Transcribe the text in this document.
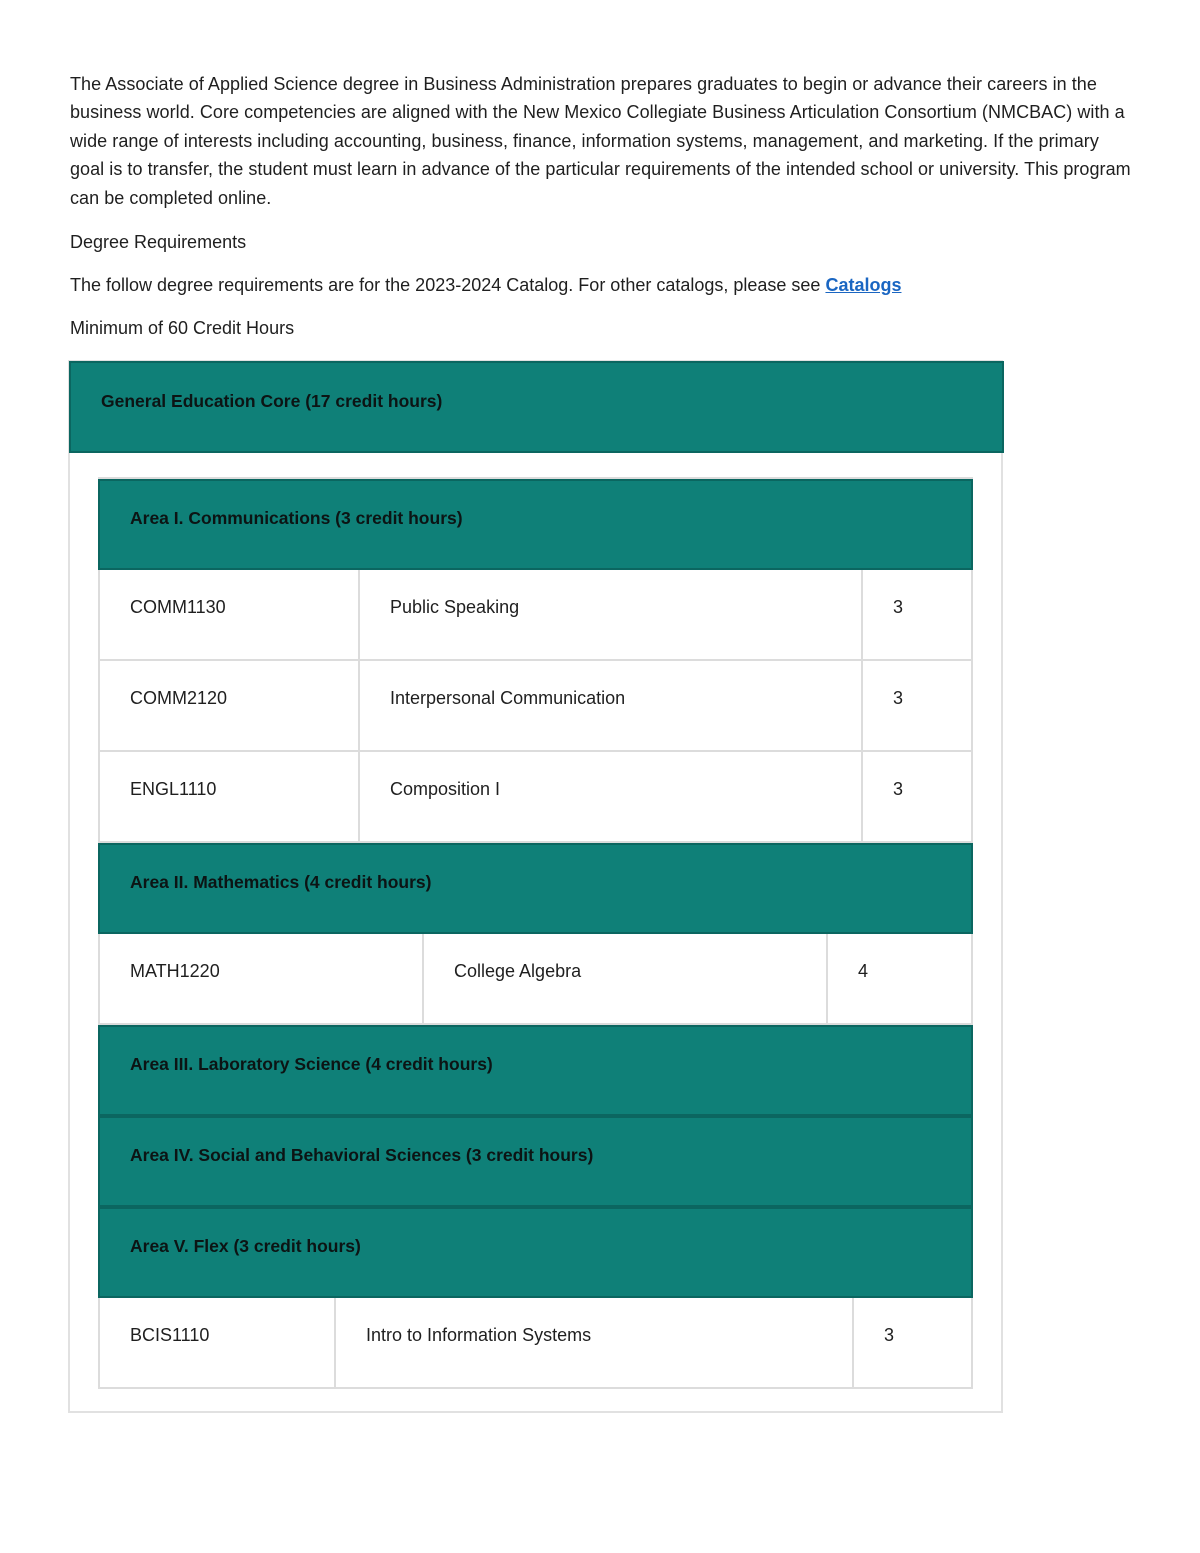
The Associate of Applied Science degree in Business Administration prepares graduates to begin or advance their careers in the business world. Core competencies are aligned with the New Mexico Collegiate Business Articulation Consortium (NMCBAC) with a wide range of interests including accounting, business, finance, information systems, management, and marketing. If the primary goal is to transfer, the student must learn in advance of the particular requirements of the intended school or university. This program can be completed online.

Degree Requirements

The follow degree requirements are for the 2023-2024 Catalog. For other catalogs, please see Catalogs

Minimum of 60 Credit Hours

General Education Core (17 credit hours)
Area I. Communications (3 credit hours)
COMM1130	Public Speaking	3
COMM2120	Interpersonal Communication	3
ENGL1110	Composition I	3
Area II. Mathematics (4 credit hours)
MATH1220	College Algebra	4
Area III. Laboratory Science (4 credit hours)
Area IV. Social and Behavioral Sciences (3 credit hours)
Area V. Flex (3 credit hours)
BCIS1110	Intro to Information Systems	3
